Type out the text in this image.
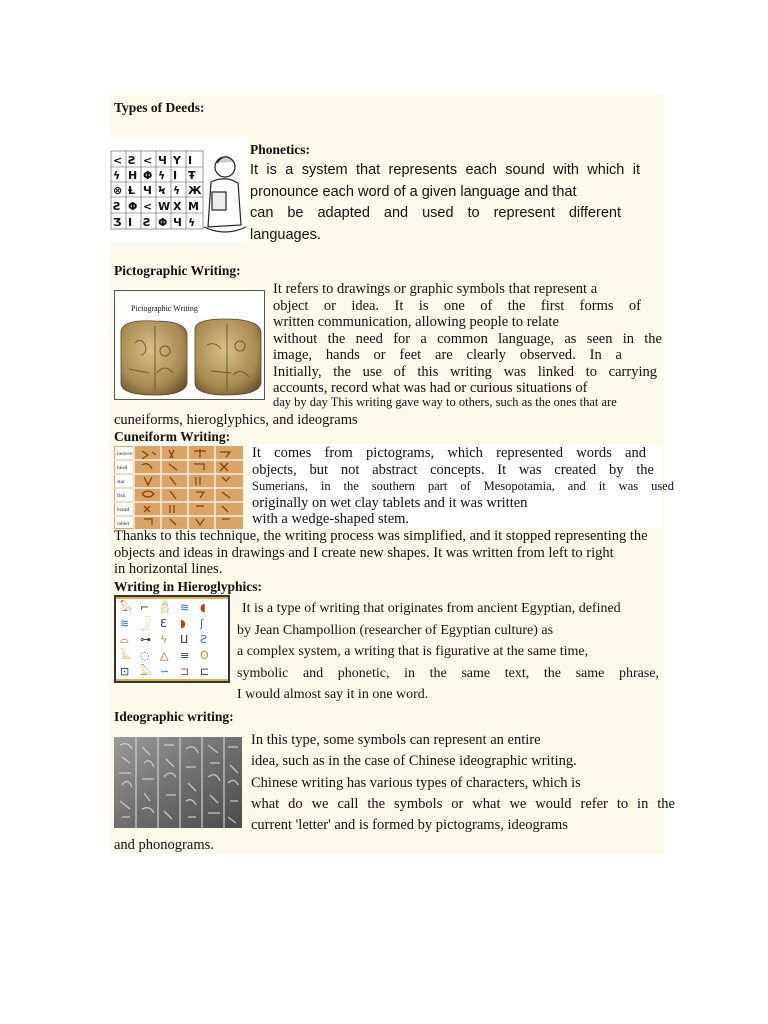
Types of Deeds:
< Ƨ < Ч Y I
ϟ H Φ ϟ I Ŧ
⊗ Ƚ Ч Ϟ ϟ Ж
Ƨ Φ < W X M
Ʒ Ӏ Ƨ Φ Ч ϟ
Phonetics:
It is a system that represents each sound with which it
pronounce each word of a given language and that
can be adapted and used to represent different
languages.
Pictographic Writing:
Pictographic Writing
It refers to drawings or graphic symbols that represent a
object or idea. It is one of the first forms of
written communication, allowing people to relate
without the need for a common language, as seen in the
image, hands or feet are clearly observed. In a
Initially, the use of this writing was linked to carrying
accounts, record what was had or curious situations of
day by day This writing gave way to others, such as the ones that are
cuneiforms, hieroglyphics, and ideograms
Cuneiform Writing:
heaven
head
star
fish
bread
tablet
It comes from pictograms, which represented words and
objects, but not abstract concepts. It was created by the
Sumerians, in the southern part of Mesopotamia, and it was used
originally on wet clay tablets and it was written
with a wedge-shaped stem.
Thanks to this technique, the writing process was simplified, and it stopped representing the
objects and ideas in drawings and I create new shapes. It was written from left to right
in horizontal lines.
Writing in Hieroglyphics:
𓅃 ⌐ 𓆣 ≋ ◖
≋ 𓃀 Ɛ ◗ ʃ
⌓ ⊶ ϟ ⵡ Ƨ
𓄿 ◌ △ ≡ ʘ
⊡ 𓅓 ∽ ⊐ ⊏
It is a type of writing that originates from ancient Egyptian, defined
by Jean Champollion (researcher of Egyptian culture) as
a complex system, a writing that is figurative at the same time,
symbolic and phonetic, in the same text, the same phrase,
I would almost say it in one word.
Ideographic writing:
In this type, some symbols can represent an entire
idea, such as in the case of Chinese ideographic writing.
Chinese writing has various types of characters, which is
what do we call the symbols or what we would refer to in the
current 'letter' and is formed by pictograms, ideograms
and phonograms.
